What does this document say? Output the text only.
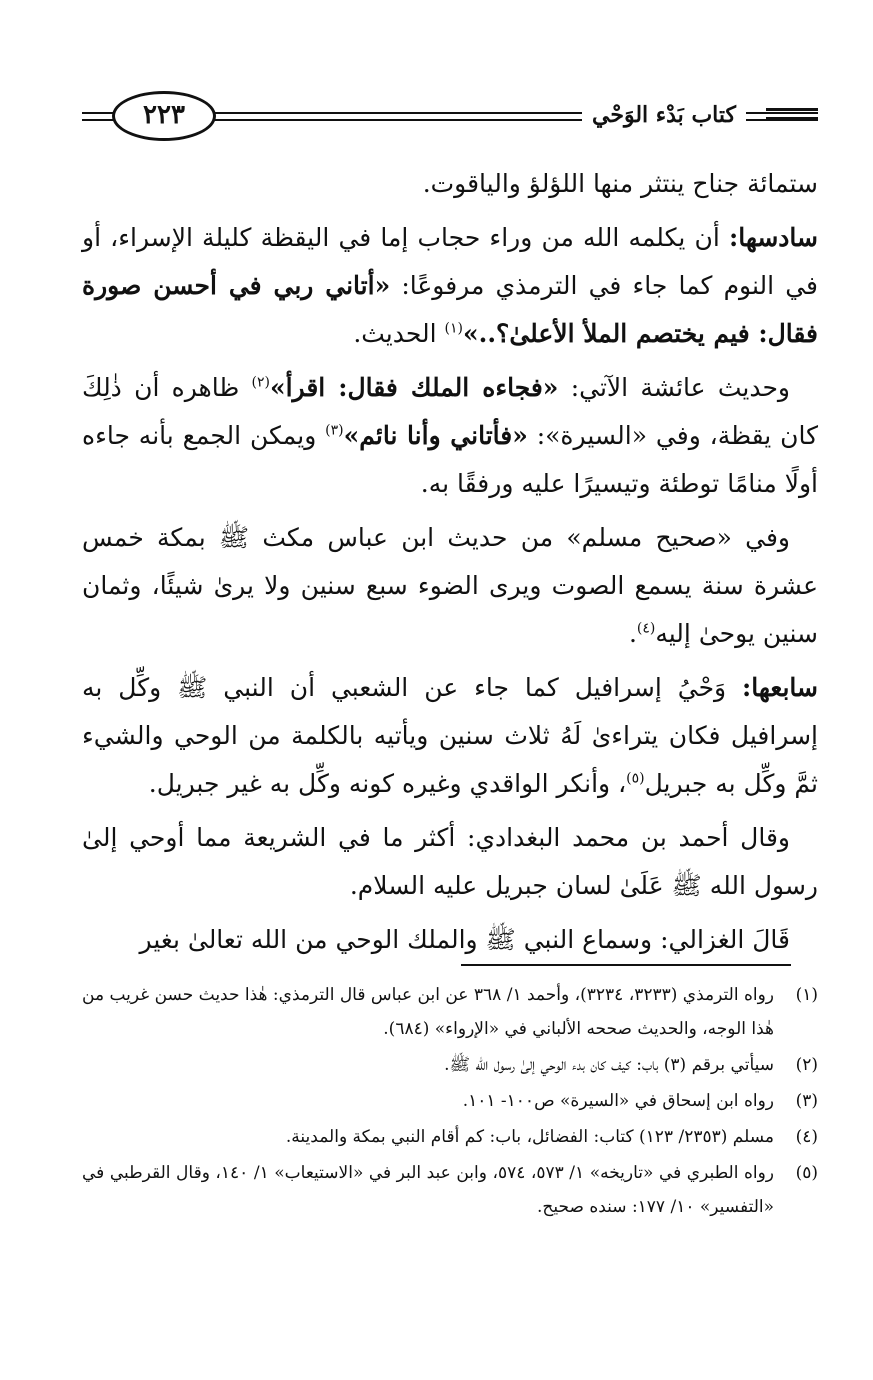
كتاب بَدْء الوَحْي
٢٢٣

ستمائة جناح ينتثر منها اللؤلؤ والياقوت.

سادسها: أن يكلمه الله من وراء حجاب إما في اليقظة كليلة الإسراء، أو في النوم كما جاء في الترمذي مرفوعًا: «أتاني ربي في أحسن صورة فقال: فيم يختصم الملأ الأعلىٰ؟..»$^{(١)}$ الحديث.

وحديث عائشة الآتي: «فجاءه الملك فقال: اقرأ»$^{(٢)}$ ظاهره أن ذٰلِكَ كان يقظة، وفي «السيرة»: «فأتاني وأنا نائم»$^{(٣)}$ ويمكن الجمع بأنه جاءه أولًا منامًا توطئة وتيسيرًا عليه ورفقًا به.

وفي «صحيح مسلم» من حديث ابن عباس مكث ﷺ بمكة خمس عشرة سنة يسمع الصوت ويرى الضوء سبع سنين ولا يرىٰ شيئًا، وثمان سنين يوحىٰ إليه$^{(٤)}$.

سابعها: وَحْيُ إسرافيل كما جاء عن الشعبي أن النبي ﷺ وكِّل به إسرافيل فكان يتراءىٰ لَهُ ثلاث سنين ويأتيه بالكلمة من الوحي والشيء ثمَّ وكِّل به جبريل$^{(٥)}$، وأنكر الواقدي وغيره كونه وكِّل به غير جبريل.

وقال أحمد بن محمد البغدادي: أكثر ما في الشريعة مما أوحي إلىٰ رسول الله ﷺ عَلَىٰ لسان جبريل عليه السلام.

قَالَ الغزالي: وسماع النبي ﷺ والملك الوحي من الله تعالىٰ بغير

(١)
رواه الترمذي (٣٢٣٣، ٣٢٣٤)، وأحمد ١/ ٣٦٨ عن ابن عباس قال الترمذي: هٰذا حديث حسن غريب من هٰذا الوجه، والحديث صححه الألباني في «الإرواء» (٦٨٤).

(٢)
سيأتي برقم (٣) باب: كيف كان بدء الوحي إلىٰ رسول الله ﷺ.

(٣)
رواه ابن إسحاق في «السيرة» ص١٠٠- ١٠١.

(٤)
مسلم (٢٣٥٣/ ١٢٣) كتاب: الفضائل، باب: كم أقام النبي بمكة والمدينة.

(٥)
رواه الطبري في «تاريخه» ١/ ٥٧٣، ٥٧٤، وابن عبد البر في «الاستيعاب» ١/ ١٤٠، وقال القرطبي في «التفسير» ١٠/ ١٧٧: سنده صحيح.
